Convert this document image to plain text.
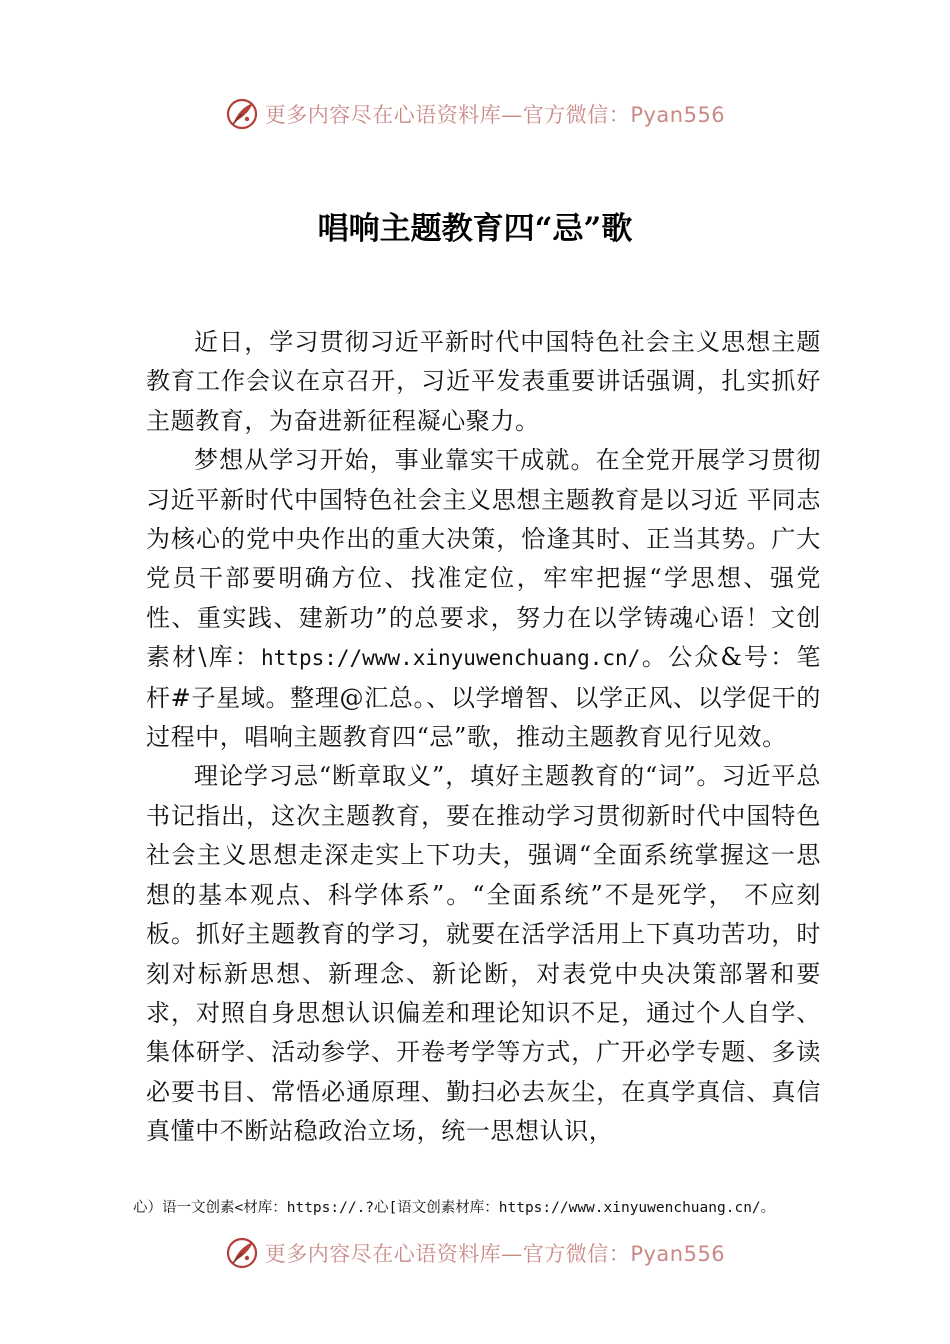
更多内容尽在心语资料库—官方微信：Pyan556
唱响主题教育四“忌”歌

近日，学习贯彻习近平新时代中国特色社会主义思想主题教育工作会议在京召开，习近平发表重要讲话强调，扎实抓好主题教育，为奋进新征程凝心聚力。

梦想从学习开始，事业靠实干成就。在全党开展学习贯彻习近平新时代中国特色社会主义思想主题教育是以习近 平同志为核心的党中央作出的重大决策，恰逢其时、正当其势。广大党员干部要明确方位、找准定位，牢牢把握“学思想、强党性、重实践、建新功”的总要求，努力在以学铸魂心语！文创素材\库：https://www.xinyuwenchuang.cn/。公众&号：笔杆#子星域。整理@汇总。、以学增智、以学正风、以学促干的过程中，唱响主题教育四“忌”歌，推动主题教育见行见效。

理论学习忌“断章取义”，填好主题教育的“词”。习近平总书记指出，这次主题教育，要在推动学习贯彻新时代中国特色社会主义思想走深走实上下功夫，强调“全面系统掌握这一思想的基本观点、科学体系”。“全面系统”不是死学， 不应刻板。抓好主题教育的学习，就要在活学活用上下真功苦功，时刻对标新思想、新理念、新论断，对表党中央决策部署和要求，对照自身思想认识偏差和理论知识不足，通过个人自学、集体研学、活动参学、开卷考学等方式，广开必学专题、多读必要书目、常悟必通原理、勤扫必去灰尘，在真学真信、真信真懂中不断站稳政治立场，统一思想认识，

心）语一文创素<材库：https://.?心[语文创素材库：https://www.xinyuwenchuang.cn/。
更多内容尽在心语资料库—官方微信：Pyan556
